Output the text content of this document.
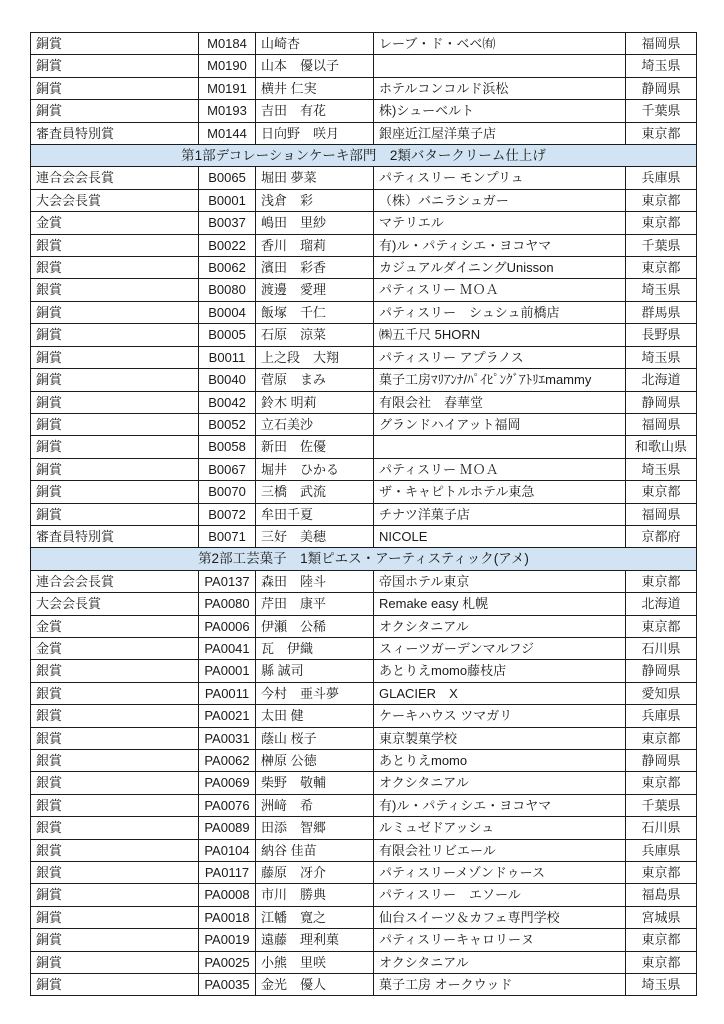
銅賞	M0184	山崎杏	レーブ・ド・ベベ㈲	福岡県
銅賞	M0190	山本　優以子		埼玉県
銅賞	M0191	横井 仁実	ホテルコンコルド浜松	静岡県
銅賞	M0193	吉田　有花	株)シューベルト	千葉県
審査員特別賞	M0144	日向野　咲月	銀座近江屋洋菓子店	東京都
第1部デコレーションケーキ部門　2類バタークリーム仕上げ				
連合会会長賞	B0065	堀田 夢菜	パティスリー モンプリュ	兵庫県
大会会長賞	B0001	浅倉　彩	（株）バニラシュガー	東京都
金賞	B0037	嶋田　里紗	マテリエル	東京都
銀賞	B0022	香川　瑠莉	有)ル・パティシエ・ヨコヤマ	千葉県
銀賞	B0062	濱田　彩香	カジュアルダイニングUnisson	東京都
銀賞	B0080	渡邊　愛理	パティスリー ＭＯＡ	埼玉県
銅賞	B0004	飯塚　千仁	パティスリー　シュシュ前橋店	群馬県
銅賞	B0005	石原　涼菜	㈱五千尺 5HORN	長野県
銅賞	B0011	上之段　大翔	パティスリー アプラノス	埼玉県
銅賞	B0040	菅原　まみ	菓子工房ﾏﾘｱﾝﾅ/ﾊﾟｲﾋﾟﾝｸﾞｱﾄﾘｴmammy	北海道
銅賞	B0042	鈴木 明莉	有限会社　春華堂	静岡県
銅賞	B0052	立石美沙	グランドハイアット福岡	福岡県
銅賞	B0058	新田　佐優		和歌山県
銅賞	B0067	堀井　ひかる	パティスリー ＭＯＡ	埼玉県
銅賞	B0070	三橋　武流	ザ・キャピトルホテル東急	東京都
銅賞	B0072	牟田千夏	チナツ洋菓子店	福岡県
審査員特別賞	B0071	三好　美穂	NICOLE	京都府
第2部工芸菓子　1類ピエス・アーティスティック(アメ)				
連合会会長賞	PA0137	森田　陸斗	帝国ホテル東京	東京都
大会会長賞	PA0080	芹田　康平	Remake easy 札幌	北海道
金賞	PA0006	伊瀬　公稀	オクシタニアル	東京都
金賞	PA0041	瓦　伊織	スィーツガーデンマルフジ	石川県
銀賞	PA0001	縣 誠司	あとりえmomo藤枝店	静岡県
銀賞	PA0011	今村　亜斗夢	GLACIER　X	愛知県
銀賞	PA0021	太田 健	ケーキハウス ツマガリ	兵庫県
銀賞	PA0031	蔭山 桜子	東京製菓学校	東京都
銀賞	PA0062	榊原 公徳	あとりえmomo	静岡県
銀賞	PA0069	柴野　敬輔	オクシタニアル	東京都
銀賞	PA0076	洲﨑　希	有)ル・パティシエ・ヨコヤマ	千葉県
銀賞	PA0089	田添　智郷	ルミュゼドアッシュ	石川県
銀賞	PA0104	納谷 佳苗	有限会社リビエール	兵庫県
銀賞	PA0117	藤原　冴介	パティスリーメゾンドゥース	東京都
銅賞	PA0008	市川　勝典	パティスリー　エソール	福島県
銅賞	PA0018	江幡　寛之	仙台スイーツ＆カフェ専門学校	宮城県
銅賞	PA0019	遠藤　理利菓	パティスリーキャロリーヌ	東京都
銅賞	PA0025	小熊　里咲	オクシタニアル	東京都
銅賞	PA0035	金光　優人	菓子工房 オークウッド	埼玉県
